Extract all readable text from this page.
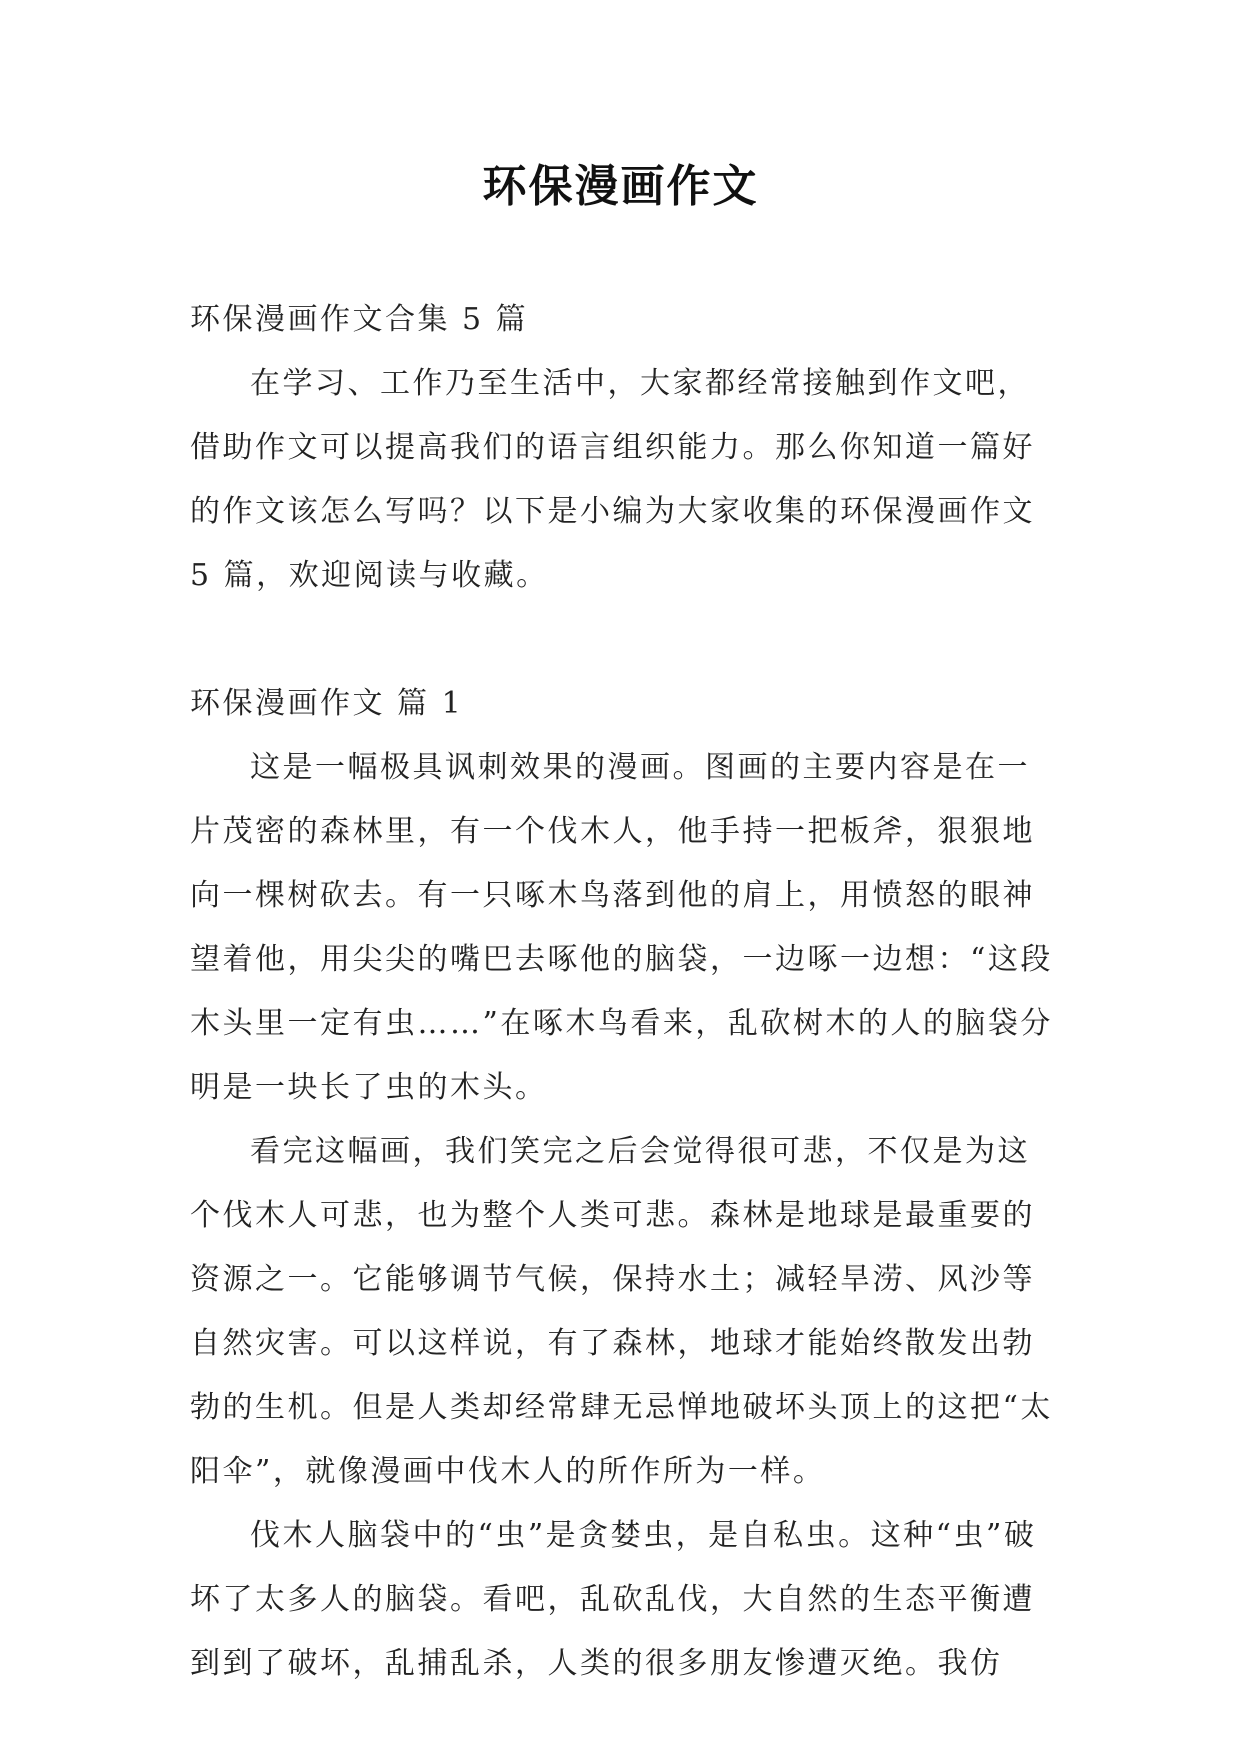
环保漫画作文

环保漫画作文合集 5 篇

在学习、工作乃至生活中，大家都经常接触到作文吧，借助作文可以提高我们的语言组织能力。那么你知道一篇好的作文该怎么写吗？以下是小编为大家收集的环保漫画作文 5 篇，欢迎阅读与收藏。

环保漫画作文 篇 1

这是一幅极具讽刺效果的漫画。图画的主要内容是在一片茂密的森林里，有一个伐木人，他手持一把板斧，狠狠地向一棵树砍去。有一只啄木鸟落到他的肩上，用愤怒的眼神望着他，用尖尖的嘴巴去啄他的脑袋，一边啄一边想：“这段木头里一定有虫……”在啄木鸟看来，乱砍树木的人的脑袋分明是一块长了虫的木头。

看完这幅画，我们笑完之后会觉得很可悲，不仅是为这个伐木人可悲，也为整个人类可悲。森林是地球是最重要的资源之一。它能够调节气候，保持水土；减轻旱涝、风沙等自然灾害。可以这样说，有了森林，地球才能始终散发出勃勃的生机。但是人类却经常肆无忌惮地破坏头顶上的这把“太阳伞”，就像漫画中伐木人的所作所为一样。

伐木人脑袋中的“虫”是贪婪虫，是自私虫。这种“虫”破坏了太多人的脑袋。看吧，乱砍乱伐，大自然的生态平衡遭到到了破坏，乱捕乱杀，人类的很多朋友惨遭灭绝。我仿
